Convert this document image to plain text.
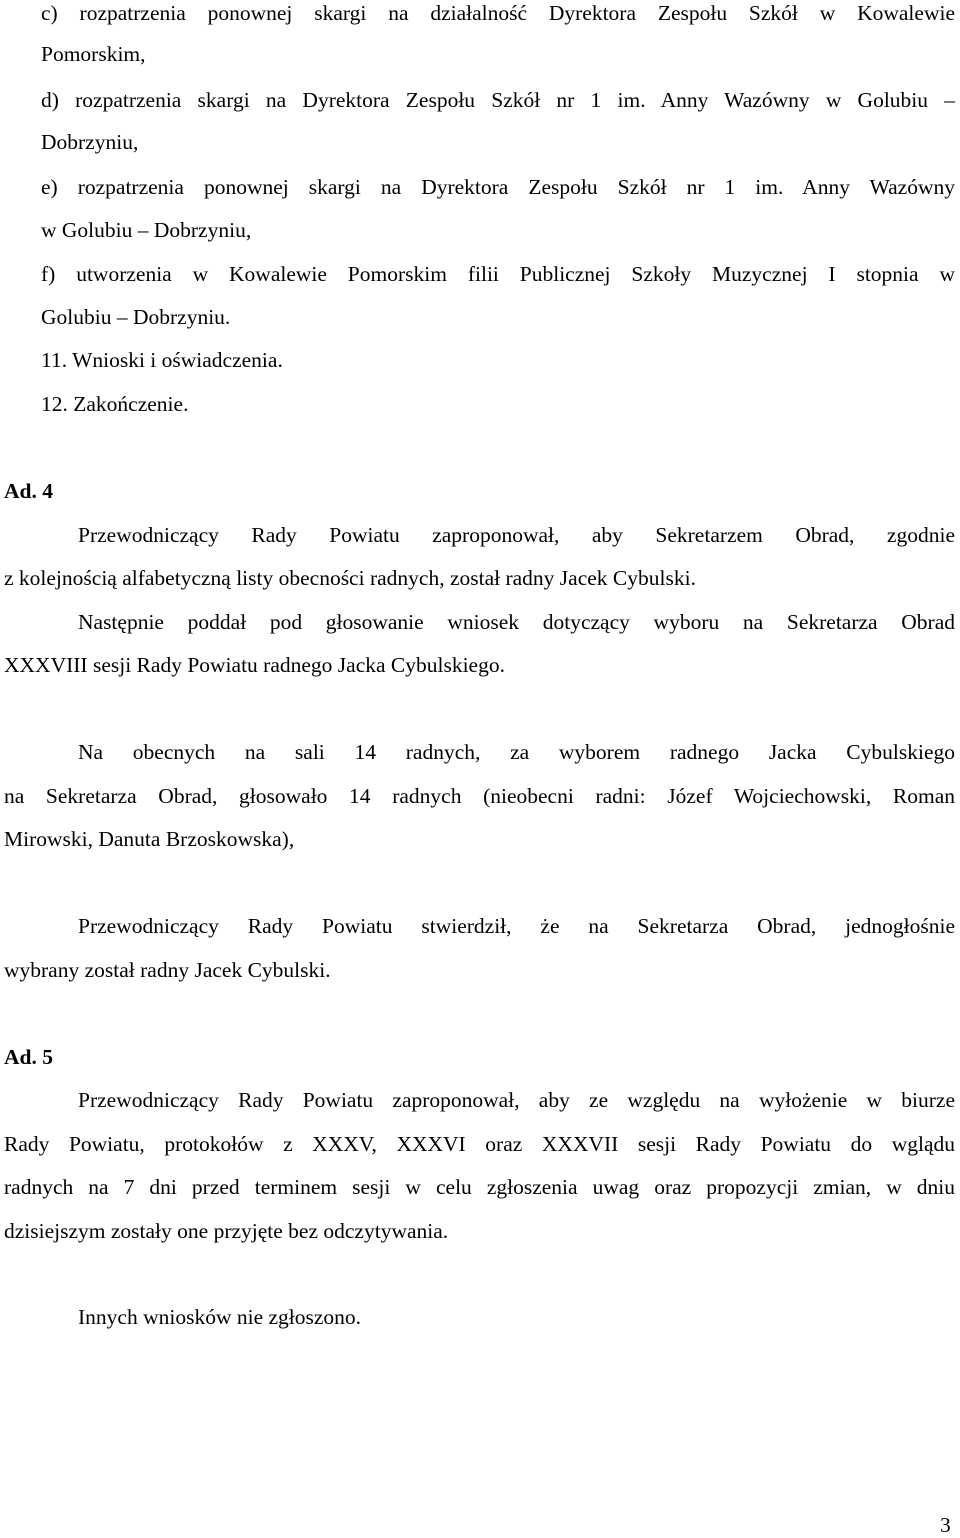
c) rozpatrzenia ponownej skargi na działalność Dyrektora Zespołu Szkół w Kowalewie
Pomorskim,
d) rozpatrzenia skargi na Dyrektora Zespołu Szkół nr 1 im. Anny Wazówny w Golubiu –
Dobrzyniu,
e) rozpatrzenia ponownej skargi na Dyrektora Zespołu Szkół nr 1 im. Anny Wazówny
w Golubiu – Dobrzyniu,
f) utworzenia w Kowalewie Pomorskim filii Publicznej Szkoły Muzycznej I stopnia w
Golubiu – Dobrzyniu.
11. Wnioski i oświadczenia.
12. Zakończenie.
Ad. 4
Przewodniczący Rady Powiatu zaproponował, aby Sekretarzem Obrad, zgodnie
z kolejnością alfabetyczną listy obecności radnych, został radny Jacek Cybulski.
Następnie poddał pod głosowanie wniosek dotyczący wyboru na Sekretarza Obrad
XXXVIII sesji Rady Powiatu radnego Jacka Cybulskiego.
Na obecnych na sali 14 radnych, za wyborem radnego Jacka Cybulskiego
na Sekretarza Obrad, głosowało 14 radnych (nieobecni radni: Józef Wojciechowski, Roman
Mirowski, Danuta Brzoskowska),
Przewodniczący Rady Powiatu stwierdził, że na Sekretarza Obrad, jednogłośnie
wybrany został radny Jacek Cybulski.
Ad. 5
Przewodniczący Rady Powiatu zaproponował, aby ze względu na wyłożenie w biurze
Rady Powiatu, protokołów z XXXV, XXXVI oraz XXXVII sesji Rady Powiatu do wglądu
radnych na 7 dni przed terminem sesji w celu zgłoszenia uwag oraz propozycji zmian, w dniu
dzisiejszym zostały one przyjęte bez odczytywania.
Innych wniosków nie zgłoszono.
3
